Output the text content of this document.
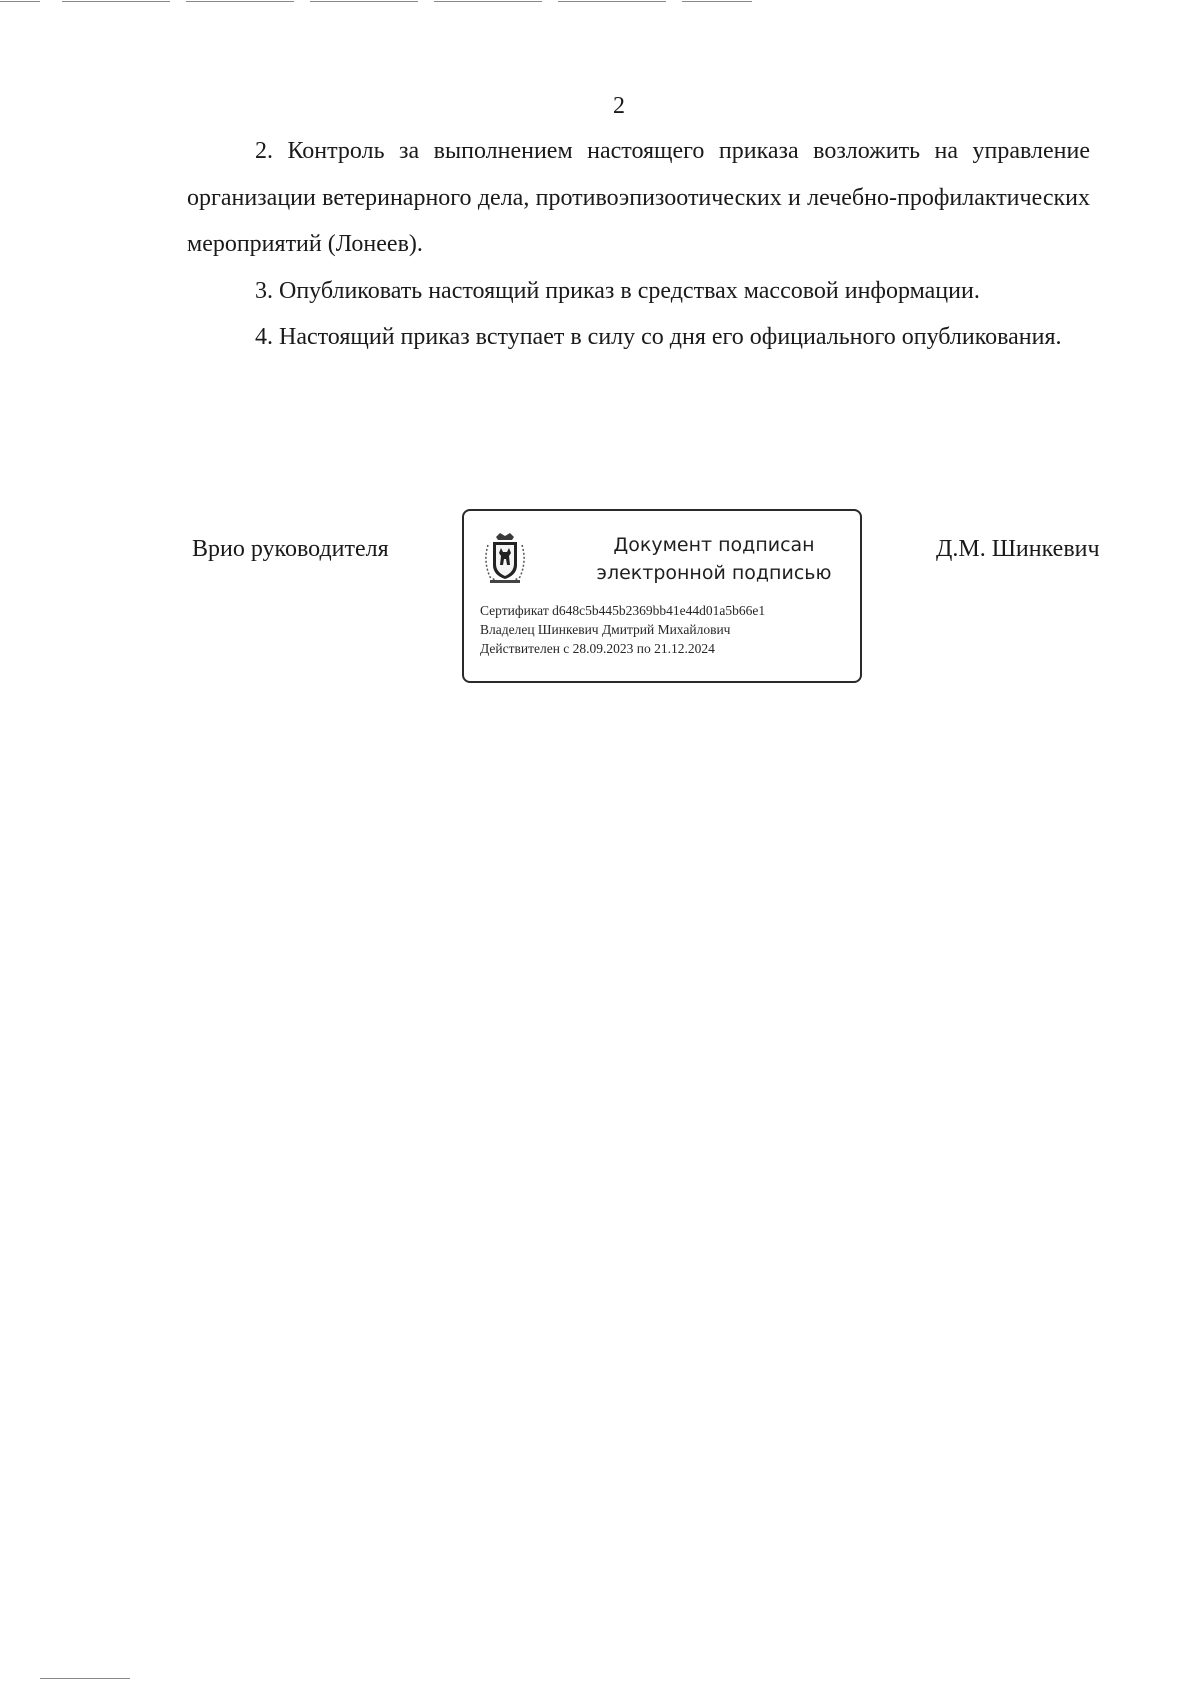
2

2. Контроль за выполнением настоящего приказа возложить на управление организации ветеринарного дела, противоэпизоотических и лечебно-профилактических мероприятий (Лонеев).

3. Опубликовать настоящий приказ в средствах массовой информации.

4. Настоящий приказ вступает в силу со дня его официального опубликования.

Врио руководителя	Документ подписан
электронной подписью
Сертификат d648c5b445b2369bb41e44d01a5b66e1
Владелец Шинкевич Дмитрий Михайлович
Действителен с 28.09.2023 по 21.12.2024
Д.М. Шинкевич
